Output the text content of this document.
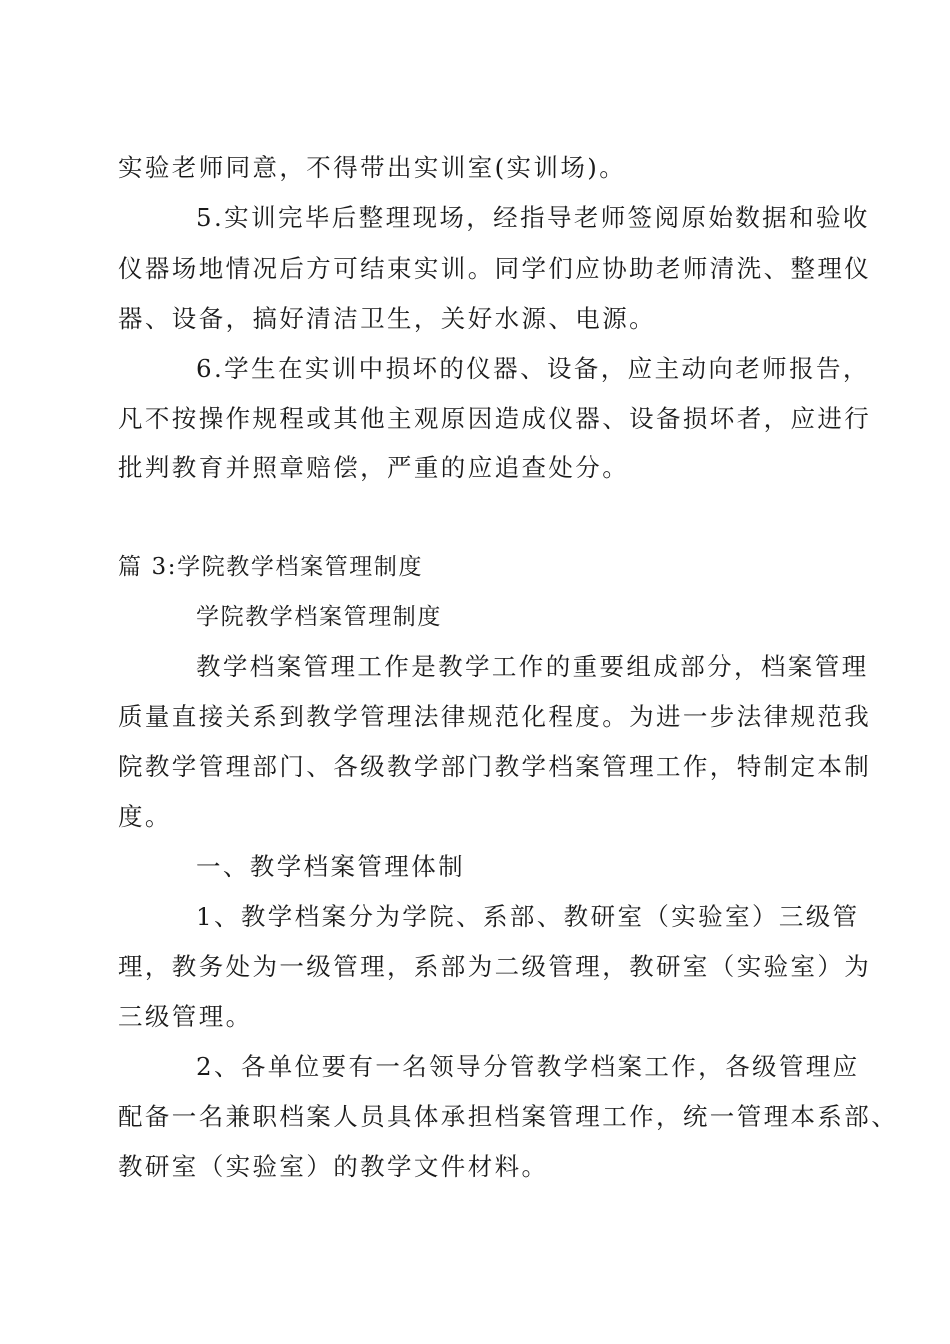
实验老师同意，不得带出实训室(实训场)。
5.实训完毕后整理现场，经指导老师签阅原始数据和验收
仪器场地情况后方可结束实训。同学们应协助老师清洗、整理仪
器、设备，搞好清洁卫生，关好水源、电源。
6.学生在实训中损坏的仪器、设备，应主动向老师报告，
凡不按操作规程或其他主观原因造成仪器、设备损坏者，应进行
批判教育并照章赔偿，严重的应追查处分。
篇 3:学院教学档案管理制度
学院教学档案管理制度
教学档案管理工作是教学工作的重要组成部分，档案管理
质量直接关系到教学管理法律规范化程度。为进一步法律规范我
院教学管理部门、各级教学部门教学档案管理工作，特制定本制
度。
一、教学档案管理体制
1、教学档案分为学院、系部、教研室（实验室）三级管
理，教务处为一级管理，系部为二级管理，教研室（实验室）为
三级管理。
2、各单位要有一名领导分管教学档案工作，各级管理应
配备一名兼职档案人员具体承担档案管理工作，统一管理本系部、
教研室（实验室）的教学文件材料。
